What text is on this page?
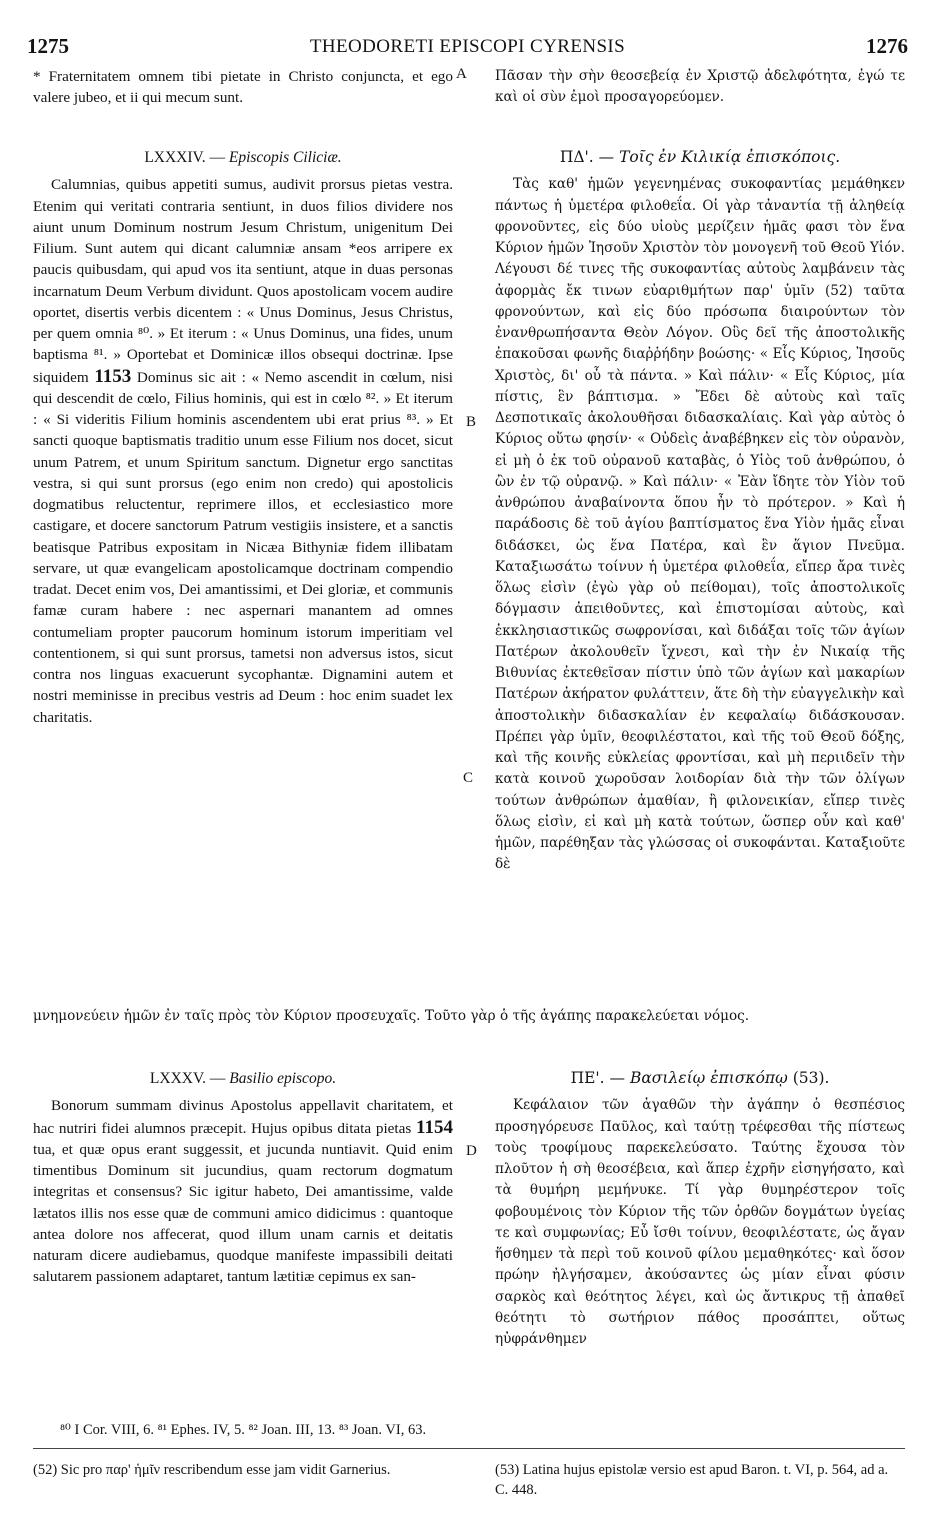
1275	THEODORETI EPISCOPI CYRENSIS	1276
A
B
C
D

* Fraternitatem omnem tibi pietate in Christo conjuncta, et ego valere jubeo, et ii qui mecum sunt.

Πᾶσαν τὴν σὴν θεοσεβείᾳ ἐν Χριστῷ ἀδελφότητα, ἐγώ τε καὶ οἱ σὺν ἐμοὶ προσαγορεύομεν.

LXXXIV. — Episcopis Ciliciæ.

Calumnias, quibus appetiti sumus, audivit prorsus pietas vestra. Etenim qui veritati contraria sentiunt, in duos filios dividere nos aiunt unum Dominum nostrum Jesum Christum, unigenitum Dei Filium. Sunt autem qui dicant calumniæ ansam *eos arripere ex paucis quibusdam, qui apud vos ita sentiunt, atque in duas personas incarnatum Deum Verbum dividunt. Quos apostolicam vocem audire oportet, disertis verbis dicentem : « Unus Dominus, Jesus Christus, per quem omnia ⁸⁰. » Et iterum : « Unus Dominus, una fides, unum baptisma ⁸¹. » Oportebat et Dominicæ illos obsequi doctrinæ. Ipse siquidem 1153 Dominus sic ait : « Nemo ascendit in cœlum, nisi qui descendit de cœlo, Filius hominis, qui est in cœlo ⁸². » Et iterum : « Si videritis Filium hominis ascendentem ubi erat prius ⁸³. » Et sancti quoque baptismatis traditio unum esse Filium nos docet, sicut unum Patrem, et unum Spiritum sanctum. Dignetur ergo sanctitas vestra, si qui sunt prorsus (ego enim non credo) qui apostolicis dogmatibus reluctentur, reprimere illos, et ecclesiastico more castigare, et docere sanctorum Patrum vestigiis insistere, et a sanctis beatisque Patribus expositam in Nicæa Bithyniæ fidem illibatam servare, ut quæ evangelicam apostolicamque doctrinam compendio tradat. Decet enim vos, Dei amantissimi, et Dei gloriæ, et communis famæ curam habere : nec aspernari manantem ad omnes contumeliam propter paucorum hominum istorum imperitiam vel contentionem, si qui sunt prorsus, tametsi non adversus istos, sicut contra nos linguas exacuerunt sycophantæ. Dignamini autem et nostri meminisse in precibus vestris ad Deum : hoc enim suadet lex charitatis.

ΠΔ'. — Τοῖς ἐν Κιλικίᾳ ἐπισκόποις.

Τὰς καθ' ἡμῶν γεγενημένας συκοφαντίας μεμάθηκεν πάντως ἡ ὑμετέρα φιλοθεΐα. Οἱ γὰρ τἀναντία τῇ ἀληθείᾳ φρονοῦντες, εἰς δύο υἱοὺς μερίζειν ἡμᾶς φασι τὸν ἕνα Κύριον ἡμῶν Ἰησοῦν Χριστὸν τὸν μονογενῆ τοῦ Θεοῦ Υἱόν. Λέγουσι δέ τινες τῆς συκοφαντίας αὐτοὺς λαμβάνειν τὰς ἀφορμὰς ἔκ τινων εὐαριθμήτων παρ' ὑμῖν (52) ταῦτα φρονούντων, καὶ εἰς δύο πρόσωπα διαιρούντων τὸν ἐνανθρωπήσαντα Θεὸν Λόγον. Οὓς δεῖ τῆς ἀποστολικῆς ἐπακοῦσαι φωνῆς διαῤῥήδην βοώσης· « Εἷς Κύριος, Ἰησοῦς Χριστὸς, δι' οὗ τὰ πάντα. » Καὶ πάλιν· « Εἷς Κύριος, μία πίστις, ἓν βάπτισμα. » Ἔδει δὲ αὐτοὺς καὶ ταῖς Δεσποτικαῖς ἀκολουθῆσαι διδασκαλίαις. Καὶ γὰρ αὐτὸς ὁ Κύριος οὕτω φησίν· « Οὐδεὶς ἀναβέβηκεν εἰς τὸν οὐρανὸν, εἰ μὴ ὁ ἐκ τοῦ οὐρανοῦ καταβὰς, ὁ Υἱὸς τοῦ ἀνθρώπου, ὁ ὢν ἐν τῷ οὐρανῷ. » Καὶ πάλιν· « Ἐὰν ἴδητε τὸν Υἱὸν τοῦ ἀνθρώπου ἀναβαίνοντα ὅπου ἦν τὸ πρότερον. » Καὶ ἡ παράδοσις δὲ τοῦ ἁγίου βαπτίσματος ἕνα Υἱὸν ἡμᾶς εἶναι διδάσκει, ὡς ἕνα Πατέρα, καὶ ἓν ἅγιον Πνεῦμα. Καταξιωσάτω τοίνυν ἡ ὑμετέρα φιλοθεΐα, εἴπερ ἄρα τινὲς ὅλως εἰσὶν (ἐγὼ γὰρ οὐ πείθομαι), τοῖς ἀποστολικοῖς δόγμασιν ἀπειθοῦντες, καὶ ἐπιστομίσαι αὐτοὺς, καὶ ἐκκλησιαστικῶς σωφρονίσαι, καὶ διδάξαι τοῖς τῶν ἁγίων Πατέρων ἀκολουθεῖν ἴχνεσι, καὶ τὴν ἐν Νικαίᾳ τῆς Βιθυνίας ἐκτεθεῖσαν πίστιν ὑπὸ τῶν ἁγίων καὶ μακαρίων Πατέρων ἀκήρατον φυλάττειν, ἅτε δὴ τὴν εὐαγγελικὴν καὶ ἀποστολικὴν διδασκαλίαν ἐν κεφαλαίῳ διδάσκουσαν. Πρέπει γὰρ ὑμῖν, θεοφιλέστατοι, καὶ τῆς τοῦ Θεοῦ δόξης, καὶ τῆς κοινῆς εὐκλείας φροντίσαι, καὶ μὴ περιιδεῖν τὴν κατὰ κοινοῦ χωροῦσαν λοιδορίαν διὰ τὴν τῶν ὀλίγων τούτων ἀνθρώπων ἀμαθίαν, ἢ φιλονεικίαν, εἴπερ τινὲς ὅλως εἰσὶν, εἰ καὶ μὴ κατὰ τούτων, ὥσπερ οὖν καὶ καθ' ἡμῶν, παρέθηξαν τὰς γλώσσας οἱ συκοφάνται. Καταξιοῦτε δὲ

μνημονεύειν ἡμῶν ἐν ταῖς πρὸς τὸν Κύριον προσευχαῖς. Τοῦτο γὰρ ὁ τῆς ἀγάπης παρακελεύεται νόμος.

LXXXV. — Basilio episcopo.

Bonorum summam divinus Apostolus appellavit charitatem, et hac nutriri fidei alumnos præcepit. Hujus opibus ditata pietas 1154 tua, et quæ opus erant suggessit, et jucunda nuntiavit. Quid enim timentibus Dominum sit jucundius, quam rectorum dogmatum integritas et consensus? Sic igitur habeto, Dei amantissime, valde lætatos illis nos esse quæ de communi amico didicimus : quantoque antea dolore nos affecerat, quod illum unam carnis et deitatis naturam dicere audiebamus, quodque manifeste impassibili deitati salutarem passionem adaptaret, tantum lætitiæ cepimus ex san-

ΠΕ'. — Βασιλείῳ ἐπισκόπῳ (53).

Κεφάλαιον τῶν ἀγαθῶν τὴν ἀγάπην ὁ θεσπέσιος προσηγόρευσε Παῦλος, καὶ ταύτῃ τρέφεσθαι τῆς πίστεως τοὺς τροφίμους παρεκελεύσατο. Ταύτης ἔχουσα τὸν πλοῦτον ἡ σὴ θεοσέβεια, καὶ ἅπερ ἐχρῆν εἰσηγήσατο, καὶ τὰ θυμήρη μεμήνυκε. Τί γὰρ θυμηρέστερον τοῖς φοβουμένοις τὸν Κύριον τῆς τῶν ὀρθῶν δογμάτων ὑγείας τε καὶ συμφωνίας; Εὖ ἴσθι τοίνυν, θεοφιλέστατε, ὡς ἄγαν ἥσθημεν τὰ περὶ τοῦ κοινοῦ φίλου μεμαθηκότες· καὶ ὅσον πρώην ἠλγήσαμεν, ἀκούσαντες ὡς μίαν εἶναι φύσιν σαρκὸς καὶ θεότητος λέγει, καὶ ὡς ἄντικρυς τῇ ἀπαθεῖ θεότητι τὸ σωτήριον πάθος προσάπτει, οὕτως ηὐφράνθημεν

⁸⁰ I Cor. VIII, 6. ⁸¹ Ephes. IV, 5. ⁸² Joan. III, 13. ⁸³ Joan. VI, 63.
(52) Sic pro παρ' ἡμῖν rescribendum esse jam vidit Garnerius.	(53) Latina hujus epistolæ versio est apud Baron. t. VI, p. 564, ad a. C. 448.
